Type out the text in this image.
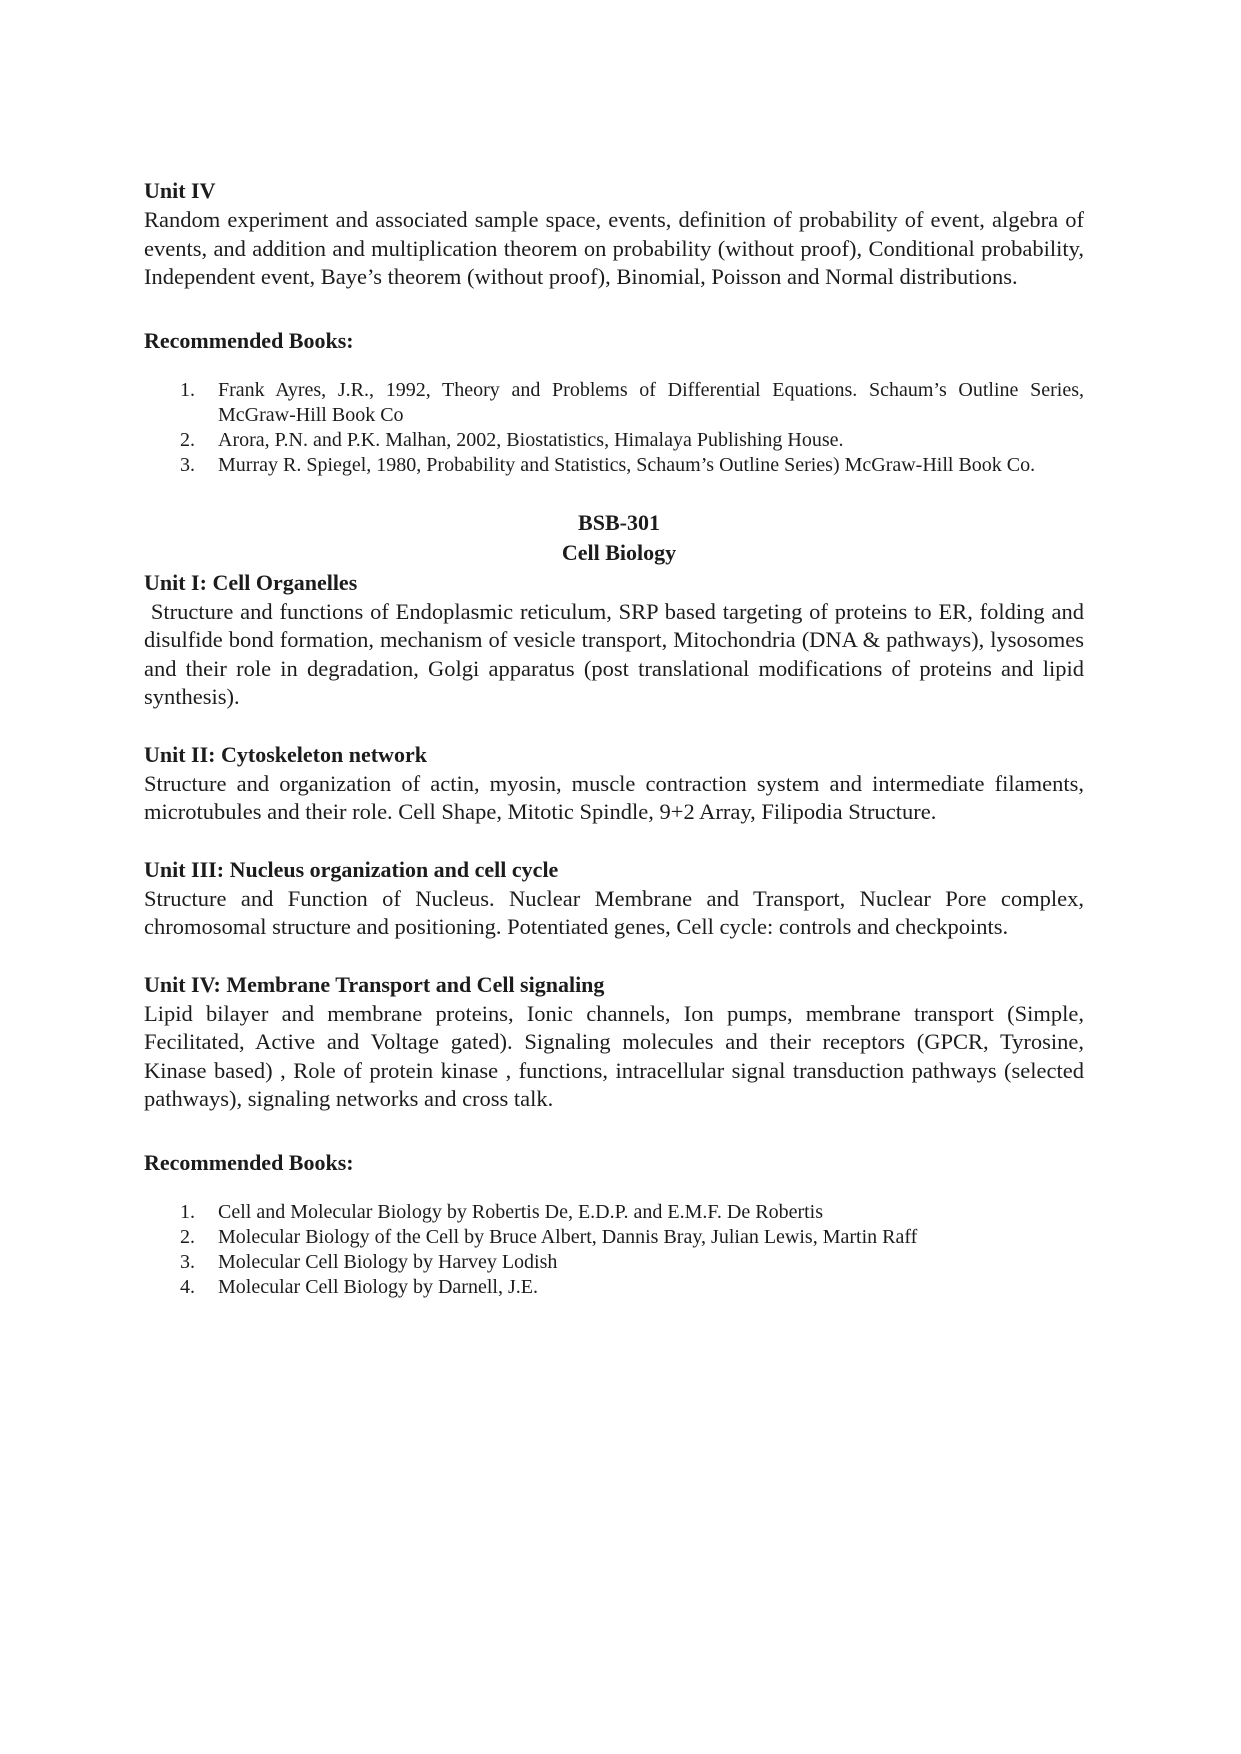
Unit IV

Random experiment and associated sample space, events, definition of probability of event, algebra of events, and addition and multiplication theorem on probability (without proof), Conditional probability, Independent event, Baye’s theorem (without proof), Binomial, Poisson and Normal distributions.

Recommended Books:
1. Frank Ayres, J.R., 1992, Theory and Problems of Differential Equations. Schaum’s Outline Series, McGraw-Hill Book Co
2. Arora, P.N. and P.K. Malhan, 2002, Biostatistics, Himalaya Publishing House.
3. Murray R. Spiegel, 1980, Probability and Statistics, Schaum’s Outline Series) McGraw-Hill Book Co.
BSB-301
Cell Biology
Unit I: Cell Organelles

Structure and functions of Endoplasmic reticulum, SRP based targeting of proteins to ER, folding and disulfide bond formation, mechanism of vesicle transport, Mitochondria (DNA & pathways), lysosomes and their role in degradation, Golgi apparatus (post translational modifications of proteins and lipid synthesis).

Unit II: Cytoskeleton network

Structure and organization of actin, myosin, muscle contraction system and intermediate filaments, microtubules and their role. Cell Shape, Mitotic Spindle, 9+2 Array, Filipodia Structure.

Unit III: Nucleus organization and cell cycle

Structure and Function of Nucleus. Nuclear Membrane and Transport, Nuclear Pore complex, chromosomal structure and positioning. Potentiated genes, Cell cycle: controls and checkpoints.

Unit IV: Membrane Transport and Cell signaling

Lipid bilayer and membrane proteins, Ionic channels, Ion pumps, membrane transport (Simple, Fecilitated, Active and Voltage gated). Signaling molecules and their receptors (GPCR, Tyrosine, Kinase based) , Role of protein kinase , functions, intracellular signal transduction pathways (selected pathways), signaling networks and cross talk.

Recommended Books:
1. Cell and Molecular Biology by Robertis De, E.D.P. and E.M.F. De Robertis
2. Molecular Biology of the Cell by Bruce Albert, Dannis Bray, Julian Lewis, Martin Raff
3. Molecular Cell Biology by Harvey Lodish
4. Molecular Cell Biology by Darnell, J.E.
